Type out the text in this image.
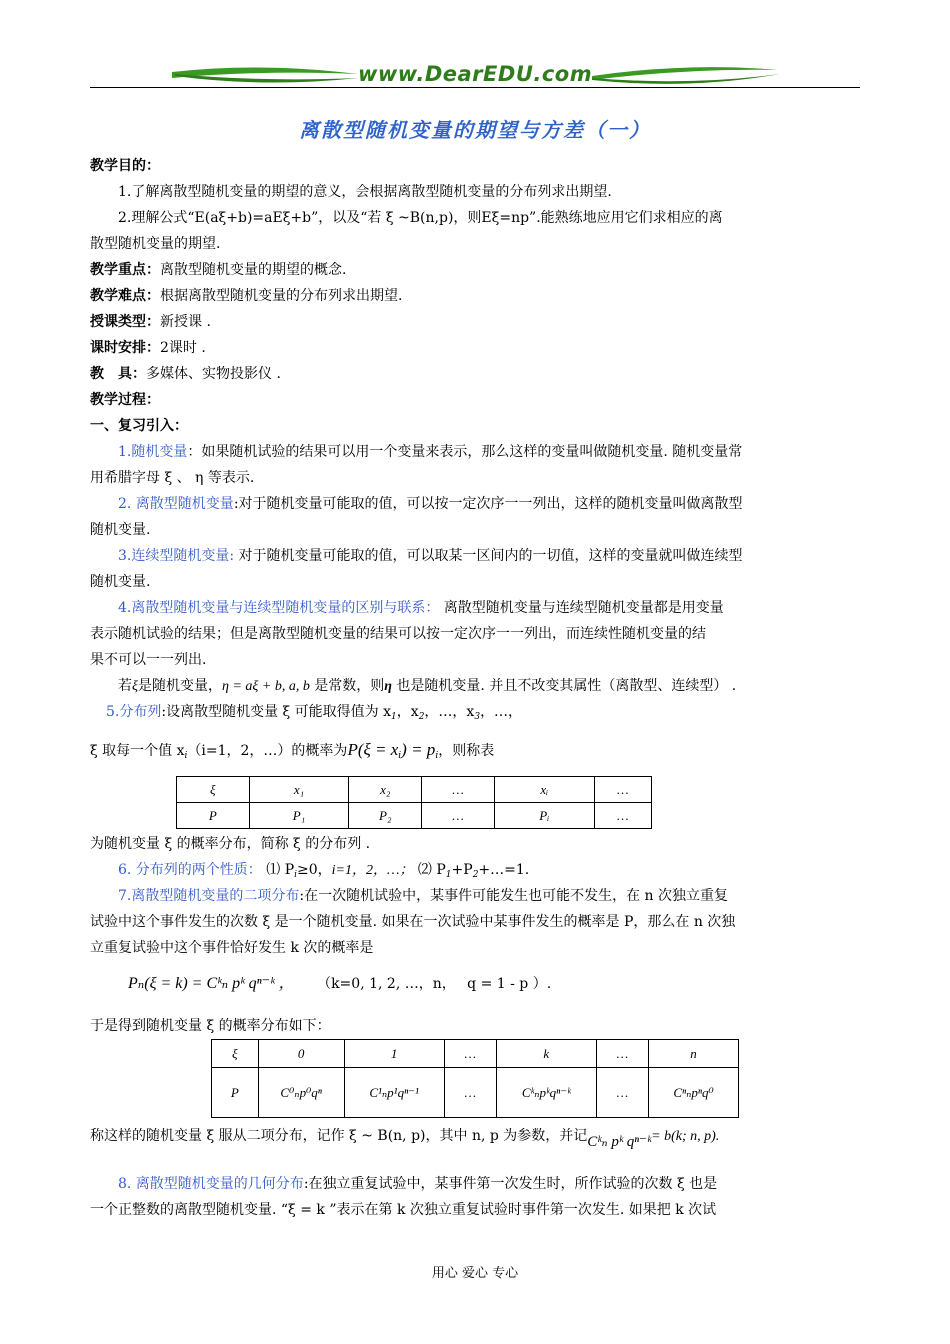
www.DearEDU.com
离散型随机变量的期望与方差（一）
教学目的：
1.了解离散型随机变量的期望的意义，会根据离散型随机变量的分布列求出期望.
2.理解公式“E(aξ+b)=aEξ+b”，以及“若 ξ ~B(n,p)，则Eξ=np”.能熟练地应用它们求相应的离
散型随机变量的期望.
教学重点：离散型随机变量的期望的概念.
教学难点：根据离散型随机变量的分布列求出期望.
授课类型：新授课 .
课时安排：2课时 .
教　具：多媒体、实物投影仪 .
教学过程：
一、复习引入：
1.随机变量：如果随机试验的结果可以用一个变量来表示，那么这样的变量叫做随机变量. 随机变量常
用希腊字母 ξ 、 η 等表示.
2. 离散型随机变量:对于随机变量可能取的值，可以按一定次序一一列出，这样的随机变量叫做离散型
随机变量.
3.连续型随机变量: 对于随机变量可能取的值，可以取某一区间内的一切值，这样的变量就叫做连续型
随机变量.
4.离散型随机变量与连续型随机变量的区别与联系： 离散型随机变量与连续型随机变量都是用变量
表示随机试验的结果；但是离散型随机变量的结果可以按一定次序一一列出，而连续性随机变量的结
果不可以一一列出.
若ξ是随机变量，η = aξ + b, a, b 是常数，则η 也是随机变量. 并且不改变其属性（离散型、连续型） .
5.分布列:设离散型随机变量 ξ 可能取得值为 $x_1$，$x_2$，…，$x_3$，…，
ξ 取每一个值 $x_i(i=1$，2，…）的概率为$P(\xi = x_i) = p_i$，则称表
ξ	x₁	x₂	…	xᵢ	…
P	P₁	P₂	…	Pᵢ	…
为随机变量 ξ 的概率分布，简称 ξ 的分布列 .
6. 分布列的两个性质： ⑴ $P_i\ge 0$，i=1，2，…； ⑵ $P_1+P_2+\dots=1$.
7.离散型随机变量的二项分布:在一次随机试验中，某事件可能发生也可能不发生，在 n 次独立重复
试验中这个事件发生的次数 ξ 是一个随机变量. 如果在一次试验中某事件发生的概率是 P，那么在 n 次独
立重复试验中这个事件恰好发生 k 次的概率是
Pₙ(ξ = k) = Cᵏₙ pᵏ qⁿ⁻ᵏ ， （k=0, 1, 2, …，n，　 q = 1 - p ）.
于是得到随机变量 ξ 的概率分布如下：
ξ	0	1	…	k	…	n
P	C⁰ₙp⁰qⁿ	C¹ₙp¹qⁿ⁻¹	…	Cᵏₙpᵏqⁿ⁻ᵏ	…	Cⁿₙpⁿq⁰
称这样的随机变量 ξ 服从二项分布，记作 ξ ~ B(n, p)，其中 n, p 为参数，并记Cᵏₙ pᵏ qⁿ⁻ᵏ= b(k; n, p).
8. 离散型随机变量的几何分布:在独立重复试验中，某事件第一次发生时，所作试验的次数 ξ 也是
一个正整数的离散型随机变量. “ξ = k ”表示在第 k 次独立重复试验时事件第一次发生. 如果把 k 次试
用心 爱心 专心
